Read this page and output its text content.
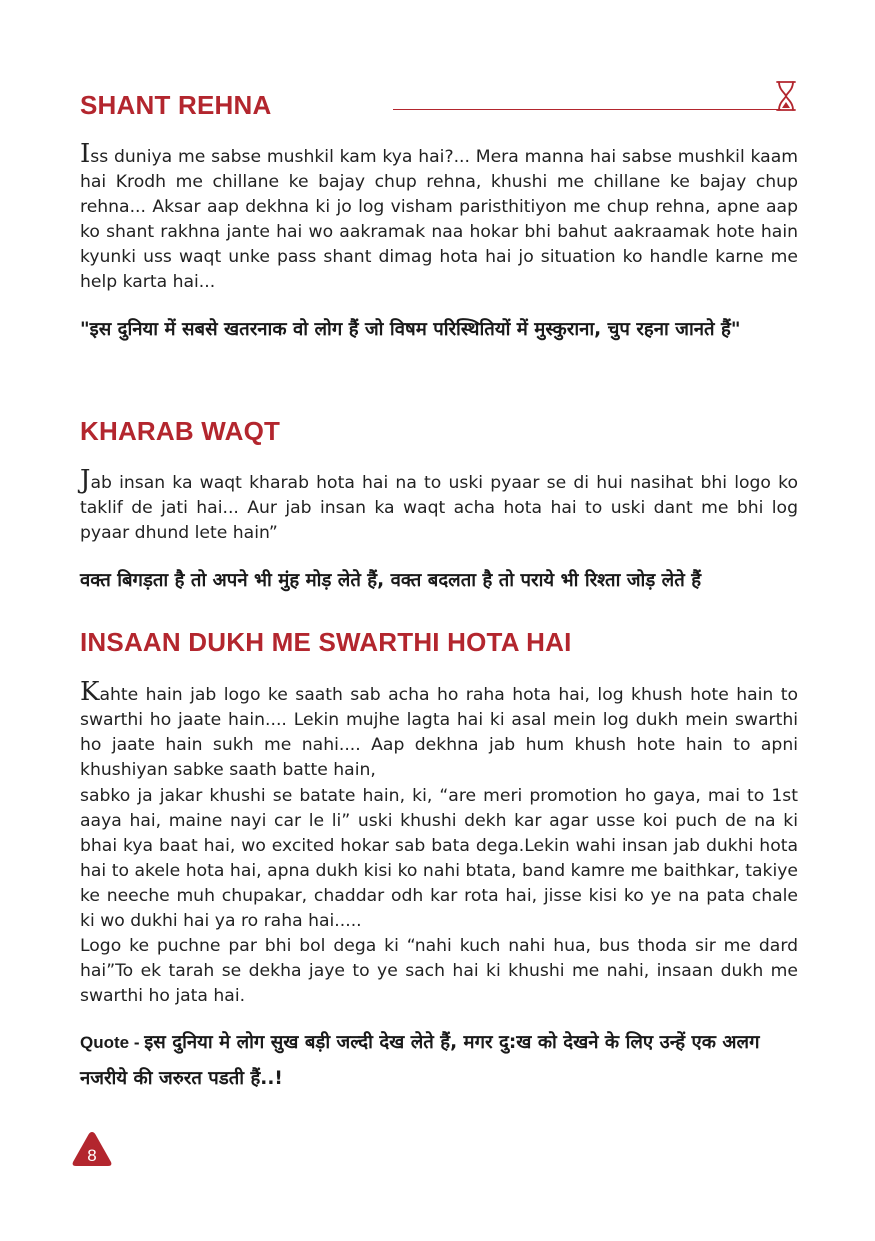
SHANT REHNA

Iss duniya me sabse mushkil kam kya hai?... Mera manna hai sabse mushkil kaam hai Krodh me chillane ke bajay chup rehna, khushi me chillane ke bajay chup rehna... Aksar aap dekhna ki jo log visham paristhitiyon me chup rehna, apne aap ko shant rakhna jante hai wo aakramak naa hokar bhi bahut aakraamak hote hain kyunki uss waqt unke pass shant dimag hota hai jo situation ko handle karne me help karta hai...

"इस दुनिया में सबसे खतरनाक वो लोग हैं जो विषम परिस्थितियों में मुस्कुराना, चुप रहना जानते हैं"

KHARAB WAQT

Jab insan ka waqt kharab hota hai na to uski pyaar se di hui nasihat bhi logo ko taklif de jati hai... Aur jab insan ka waqt acha hota hai to uski dant me bhi log pyaar dhund lete hain”

वक्त बिगड़ता है तो अपने भी मुंह मोड़ लेते हैं, वक्त बदलता है तो पराये भी रिश्ता जोड़ लेते हैं

INSAAN DUKH ME SWARTHI HOTA HAI

Kahte hain jab logo ke saath sab acha ho raha hota hai, log khush hote hain to swarthi ho jaate hain.... Lekin mujhe lagta hai ki asal mein log dukh mein swarthi ho jaate hain sukh me nahi.... Aap dekhna jab hum khush hote hain to apni khushiyan sabke saath batte hain,

sabko ja jakar khushi se batate hain, ki, “are meri promotion ho gaya, mai to 1st aaya hai, maine nayi car le li” uski khushi dekh kar agar usse koi puch de na ki bhai kya baat hai, wo excited hokar sab bata dega.Lekin wahi insan jab dukhi hota hai to akele hota hai, apna dukh kisi ko nahi btata, band kamre me baithkar, takiye ke neeche muh chupakar, chaddar odh kar rota hai, jisse kisi ko ye na pata chale ki wo dukhi hai ya ro raha hai.....

Logo ke puchne par bhi bol dega ki “nahi kuch nahi hua, bus thoda sir me dard hai”To ek tarah se dekha jaye to ye sach hai ki khushi me nahi, insaan dukh me swarthi ho jata hai.

Quote - इस दुनिया मे लोग सुख बड़ी जल्दी देख लेते हैं, मगर दु:ख को देखने के लिए उन्हें एक अलग नजरीये की जरुरत पडती हैं..!

8
